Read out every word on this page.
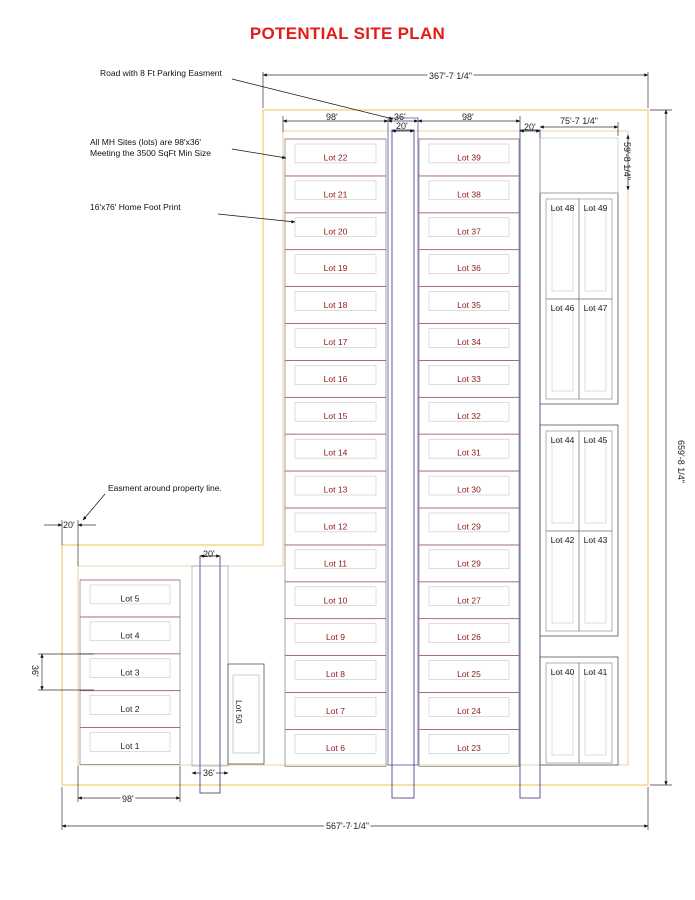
POTENTIAL SITE PLAN
Lot 22
Lot 21
Lot 20
Lot 19
Lot 18
Lot 17
Lot 16
Lot 15
Lot 14
Lot 13
Lot 12
Lot 11
Lot 10
Lot 9
Lot 8
Lot 7
Lot 6
Lot 39
Lot 38
Lot 37
Lot 36
Lot 35
Lot 34
Lot 33
Lot 32
Lot 31
Lot 30
Lot 29
Lot 29
Lot 27
Lot 26
Lot 25
Lot 24
Lot 23
Lot 5
Lot 4
Lot 3
Lot 2
Lot 1
Lot 48 Lot 49
Lot 46 Lot 47
Lot 44 Lot 45
Lot 42 Lot 43
Lot 40 Lot 41
Road with 8 Ft Parking Easment
All MH Sites (lots) are 98'x36'
Meeting the 3500 SqFt Min Size
16'x76' Home Foot Print
Easment around property line.
367'-7 1/4"
567'-7 1/4"
659'-8 1/4"
98'	36'
20'
98'
20'
75'-7 1/4"
59'-8 1/4"
20'
20'
36'
98'
36'
Lot 50
